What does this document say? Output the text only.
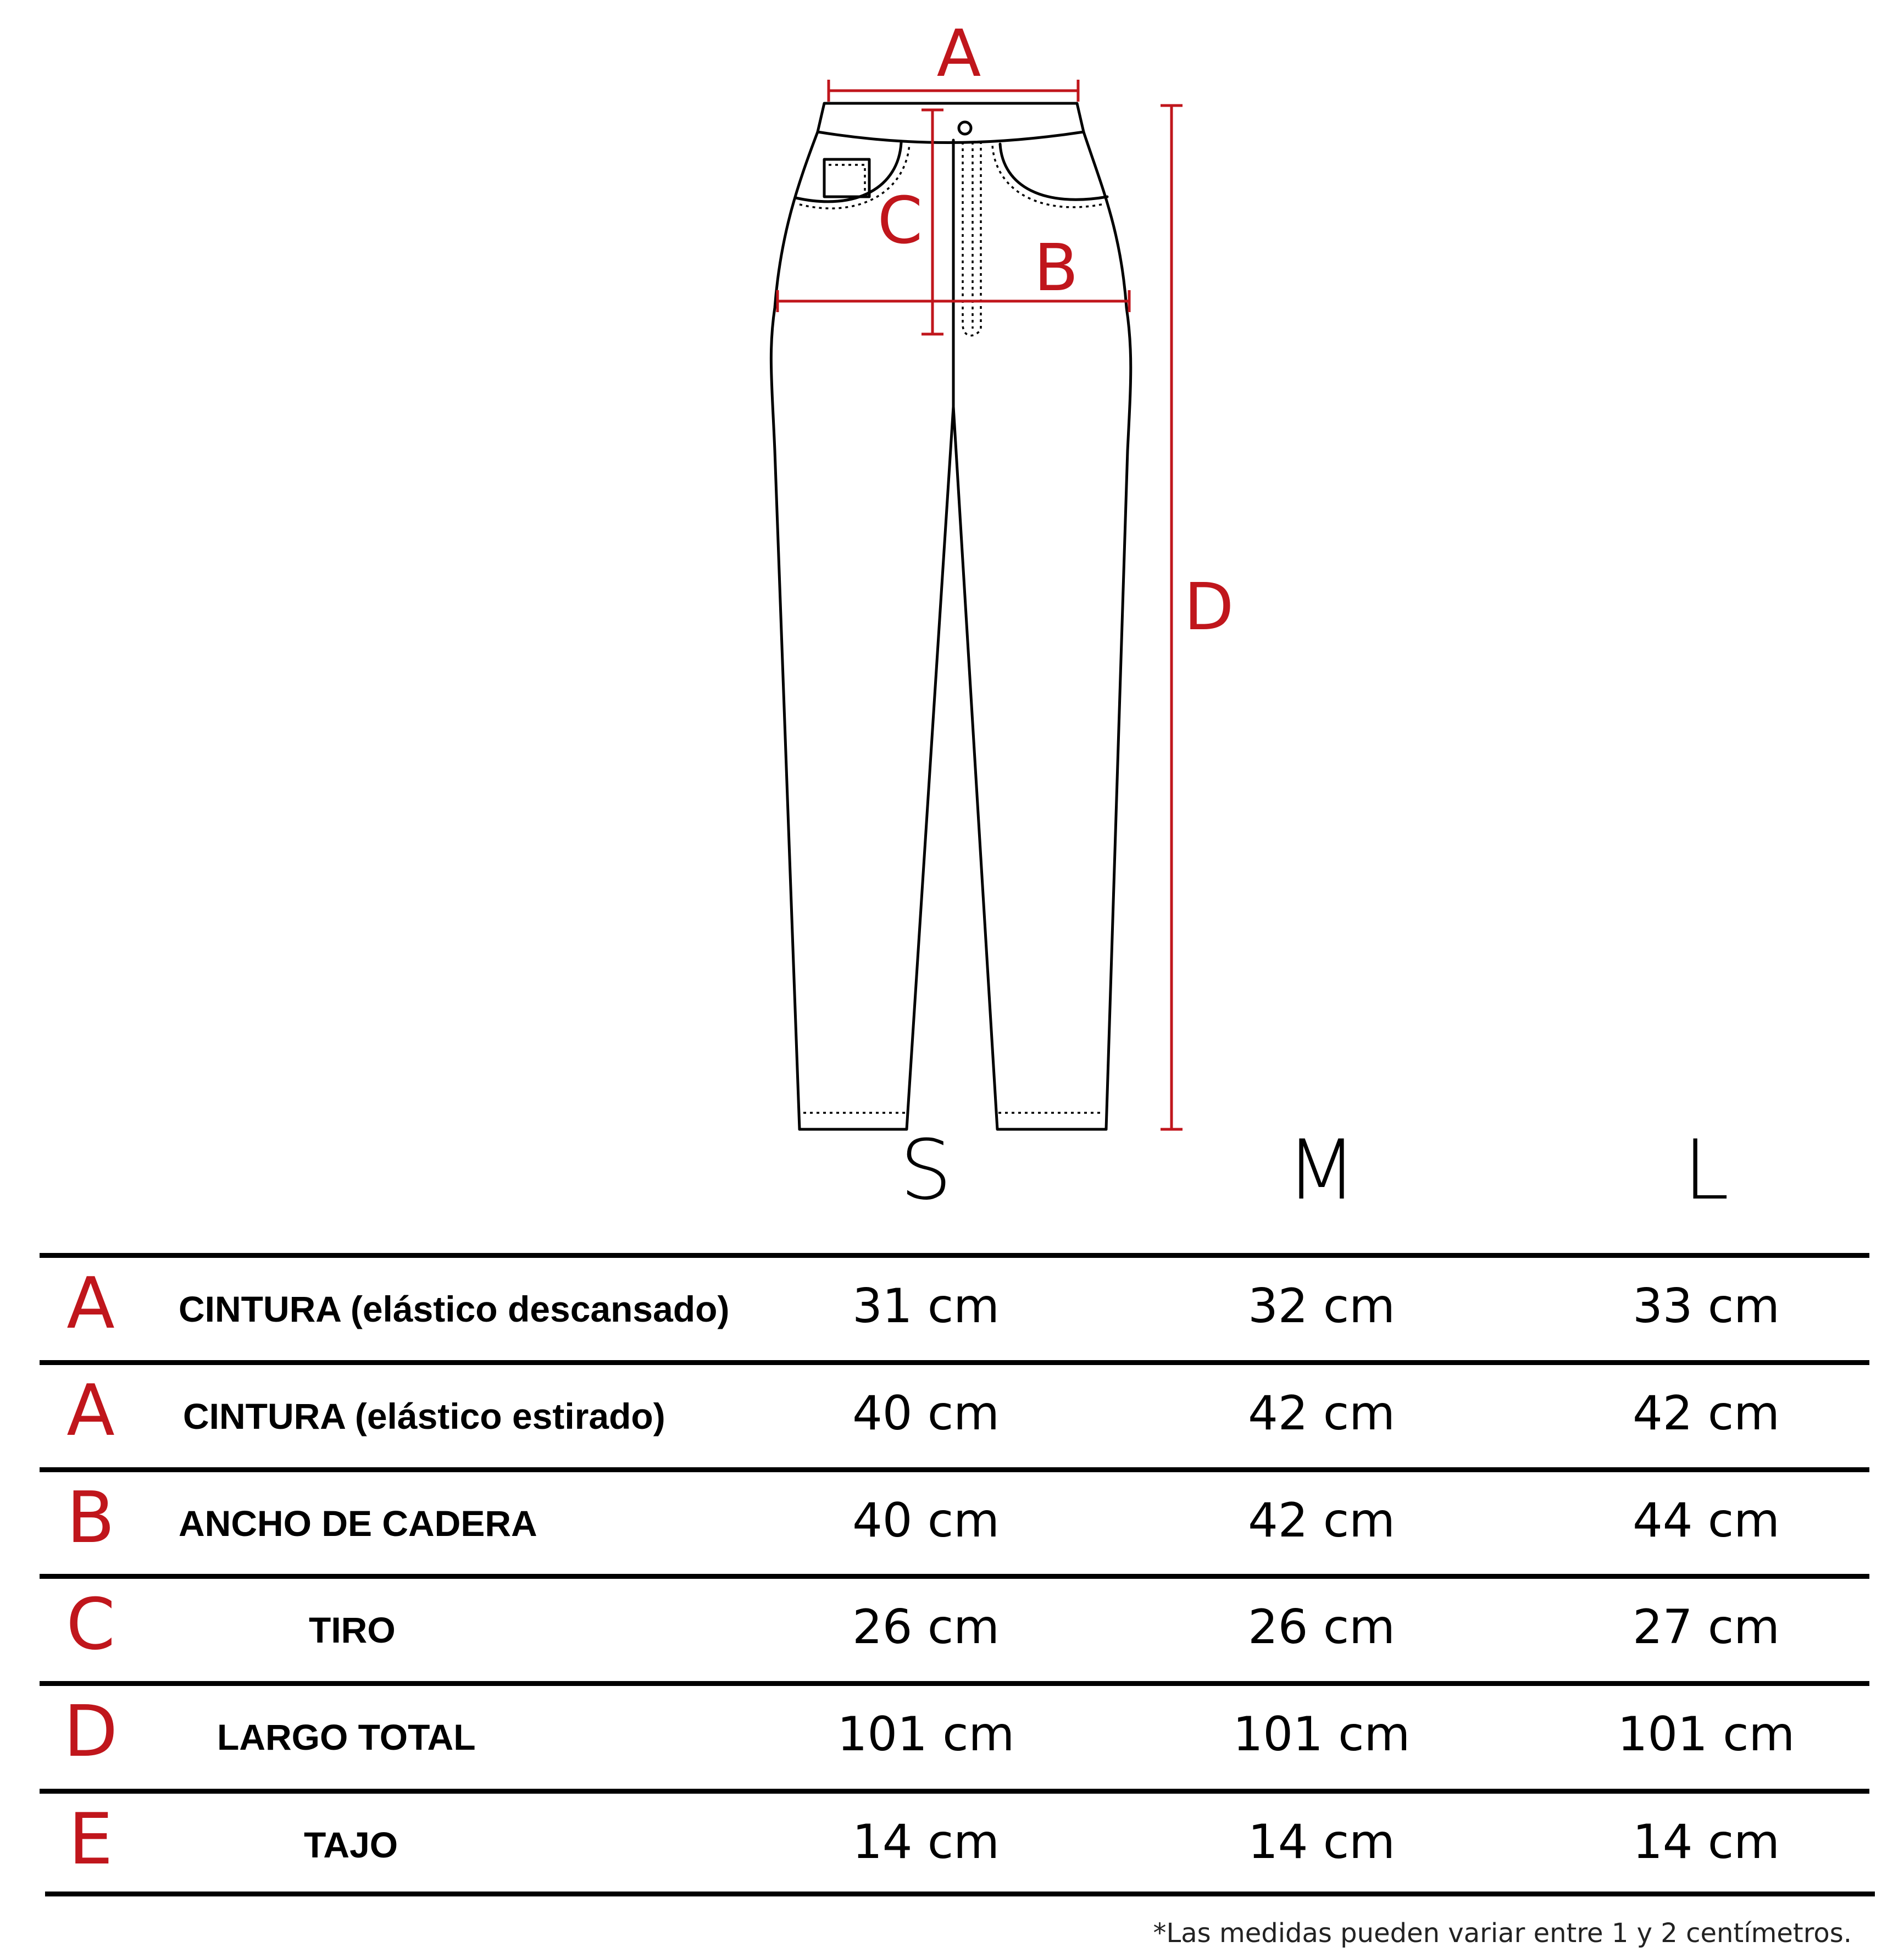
A
B
C
D
S	M	L
A	CINTURA (elástico descansado)	31 cm	32 cm	33 cm
A	CINTURA (elástico estirado)	40 cm	42 cm	42 cm
B	ANCHO DE CADERA	40 cm	42 cm	44 cm
C	TIRO	26 cm	26 cm	27 cm
D	LARGO TOTAL	101 cm	101 cm	101 cm
E	TAJO	14 cm	14 cm	14 cm
*Las medidas pueden variar entre 1 y 2 centímetros.
